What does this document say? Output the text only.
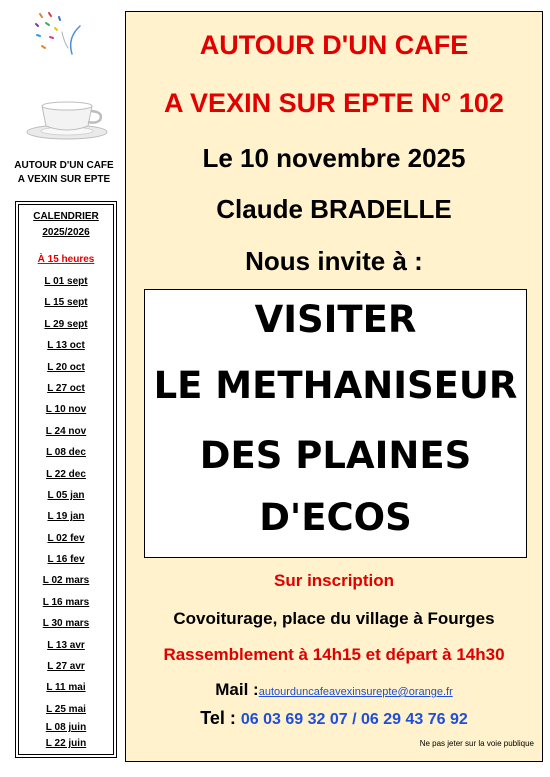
AUTOUR D'UN CAFE
A VEXIN SUR EPTE
CALENDRIER
2025/2026
À 15 heures
L 01 sept
L 15 sept
L 29 sept
L 13 oct
L 20 oct
L 27 oct
L 10 nov
L 24 nov
L 08 dec
L 22 dec
L 05 jan
L 19 jan
L 02 fev
L 16 fev
L 02 mars
L 16 mars
L 30 mars
L 13 avr
L 27 avr
L 11 mai
L 25 mai
L 08 juin
L 22 juin
AUTOUR D'UN CAFE
A VEXIN SUR EPTE N° 102
Le 10 novembre 2025
Claude BRADELLE
Nous invite à :
VISITER
LE METHANISEUR
DES PLAINES
D'ECOS
Sur inscription
Covoiturage, place du village à Fourges
Rassemblement à 14h15 et départ à 14h30
Mail :autourduncafeavexinsurepte@orange.fr
Tel : 06 03 69 32 07 / 06 29 43 76 92
Ne pas jeter sur la voie publique
